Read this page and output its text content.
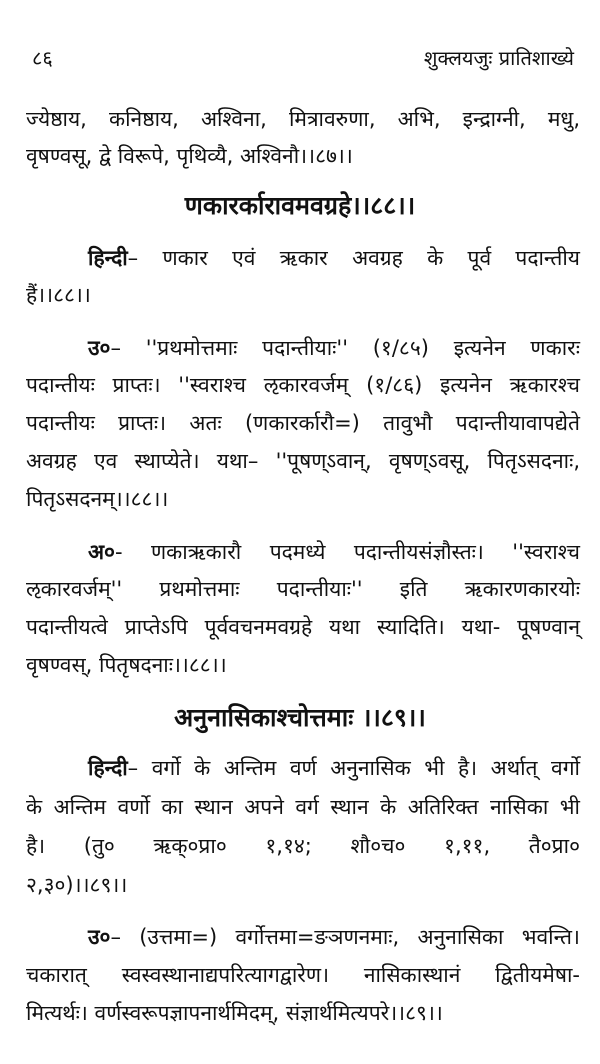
८६	शुक्लयजुः प्रातिशाख्ये
ज्येष्ठाय, कनिष्ठाय, अश्विना, मित्रावरुणा, अभि, इन्द्राग्नी, मधु,
वृषण्वसू, द्वे विरूपे, पृथिव्यै, अश्विनौ।।८७।।
णकारर्कारावमवग्रहे।।८८।।
हिन्दी– णकार एवं ऋकार अवग्रह के पूर्व पदान्तीय
हैं।।८८।।
उ०– ''प्रथमोत्तमाः पदान्तीयाः'' (१/८५) इत्यनेन णकारः
पदान्तीयः प्राप्तः। ''स्वराश्च ऌकारवर्जम् (१/८६) इत्यनेन ऋकारश्च
पदान्तीयः प्राप्तः। अतः (णकारर्कारौ=) तावुभौ पदान्तीयावापद्येते
अवग्रह एव स्थाप्येते। यथा– ''पूषण्ऽवान्, वृषण्ऽवसू, पितृऽसदनाः,
पितृऽसदनम्।।८८।।
अ०- णकाऋकारौ पदमध्ये पदान्तीयसंज्ञौस्तः। ''स्वराश्च
ऌकारवर्जम्'' प्रथमोत्तमाः पदान्तीयाः'' इति ऋकारणकारयोः
पदान्तीयत्वे प्राप्तेऽपि पूर्ववचनमवग्रहे यथा स्यादिति। यथा- पूषण्वान्
वृषण्वस्, पितृषदनाः।।८८।।
अनुनासिकाश्चोत्तमाः ।।८९।।
हिन्दी– वर्गो के अन्तिम वर्ण अनुनासिक भी है। अर्थात् वर्गो
के अन्तिम वर्णो का स्थान अपने वर्ग स्थान के अतिरिक्त नासिका भी
है। (तु० ऋक्०प्रा० १,१४; शौ०च० १,११, तै०प्रा०
२,३०)।।८९।।
उ०– (उत्तमा=) वर्गोत्तमा=ङञणनमाः, अनुनासिका भवन्ति।
चकारात् स्वस्वस्थानाद्यपरित्यागद्वारेण। नासिकास्थानं द्वितीयमेषा-
मित्यर्थः। वर्णस्वरूपज्ञापनार्थमिदम्, संज्ञार्थमित्यपरे।।८९।।
